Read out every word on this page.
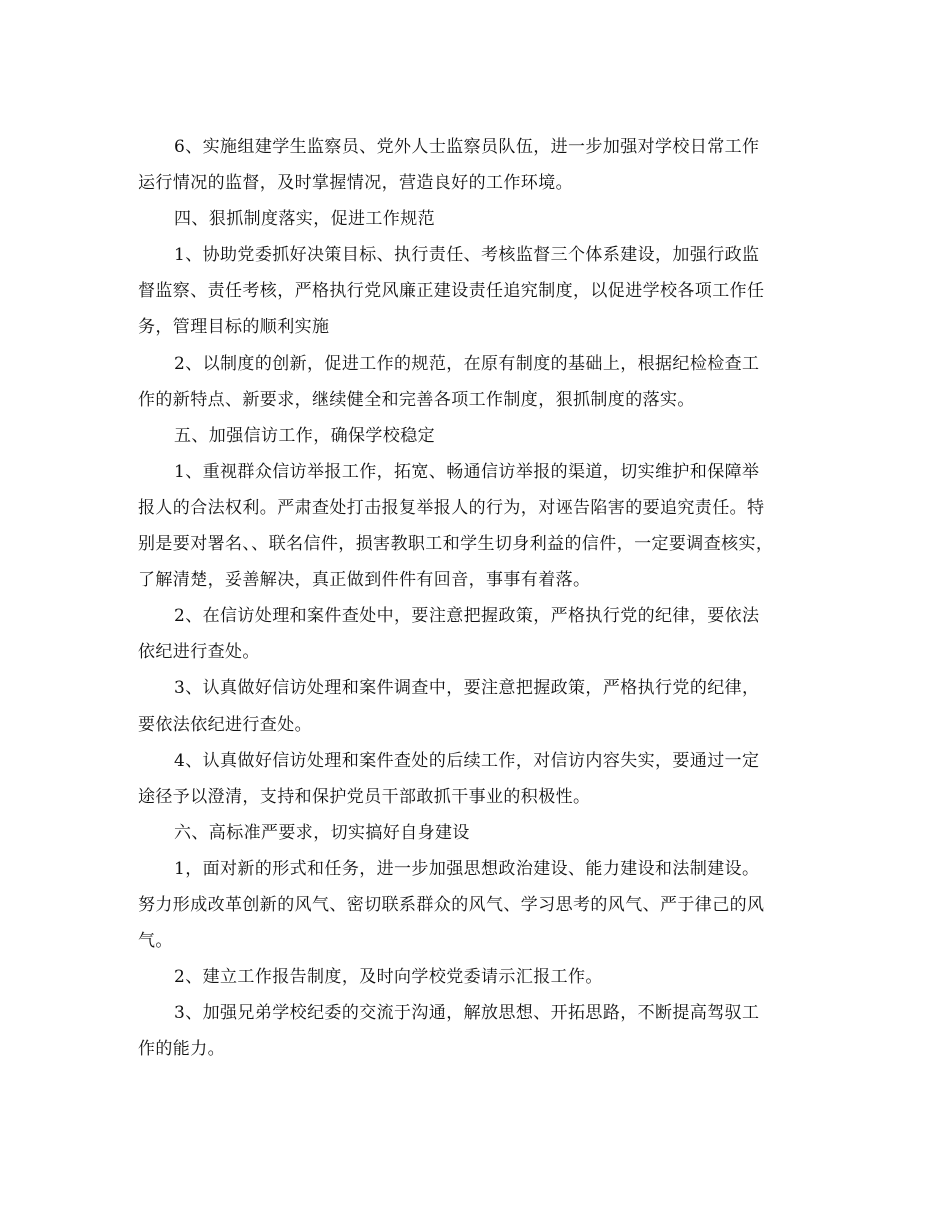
6、实施组建学生监察员、党外人士监察员队伍，进一步加强对学校日常工作
运行情况的监督，及时掌握情况，营造良好的工作环境。
四、狠抓制度落实，促进工作规范
1、协助党委抓好决策目标、执行责任、考核监督三个体系建设，加强行政监
督监察、责任考核，严格执行党风廉正建设责任追究制度，以促进学校各项工作任
务，管理目标的顺利实施
2、以制度的创新，促进工作的规范，在原有制度的基础上，根据纪检检查工
作的新特点、新要求，继续健全和完善各项工作制度，狠抓制度的落实。
五、加强信访工作，确保学校稳定
1、重视群众信访举报工作，拓宽、畅通信访举报的渠道，切实维护和保障举
报人的合法权利。严肃查处打击报复举报人的行为，对诬告陷害的要追究责任。特
别是要对署名、、联名信件，损害教职工和学生切身利益的信件，一定要调查核实，
了解清楚，妥善解决，真正做到件件有回音，事事有着落。
2、在信访处理和案件查处中，要注意把握政策，严格执行党的纪律，要依法
依纪进行查处。
3、认真做好信访处理和案件调查中，要注意把握政策，严格执行党的纪律，
要依法依纪进行查处。
4、认真做好信访处理和案件查处的后续工作，对信访内容失实，要通过一定
途径予以澄清，支持和保护党员干部敢抓干事业的积极性。
六、高标准严要求，切实搞好自身建设
1，面对新的形式和任务，进一步加强思想政治建设、能力建设和法制建设。
努力形成改革创新的风气、密切联系群众的风气、学习思考的风气、严于律己的风
气。
2、建立工作报告制度，及时向学校党委请示汇报工作。
3、加强兄弟学校纪委的交流于沟通，解放思想、开拓思路，不断提高驾驭工
作的能力。
